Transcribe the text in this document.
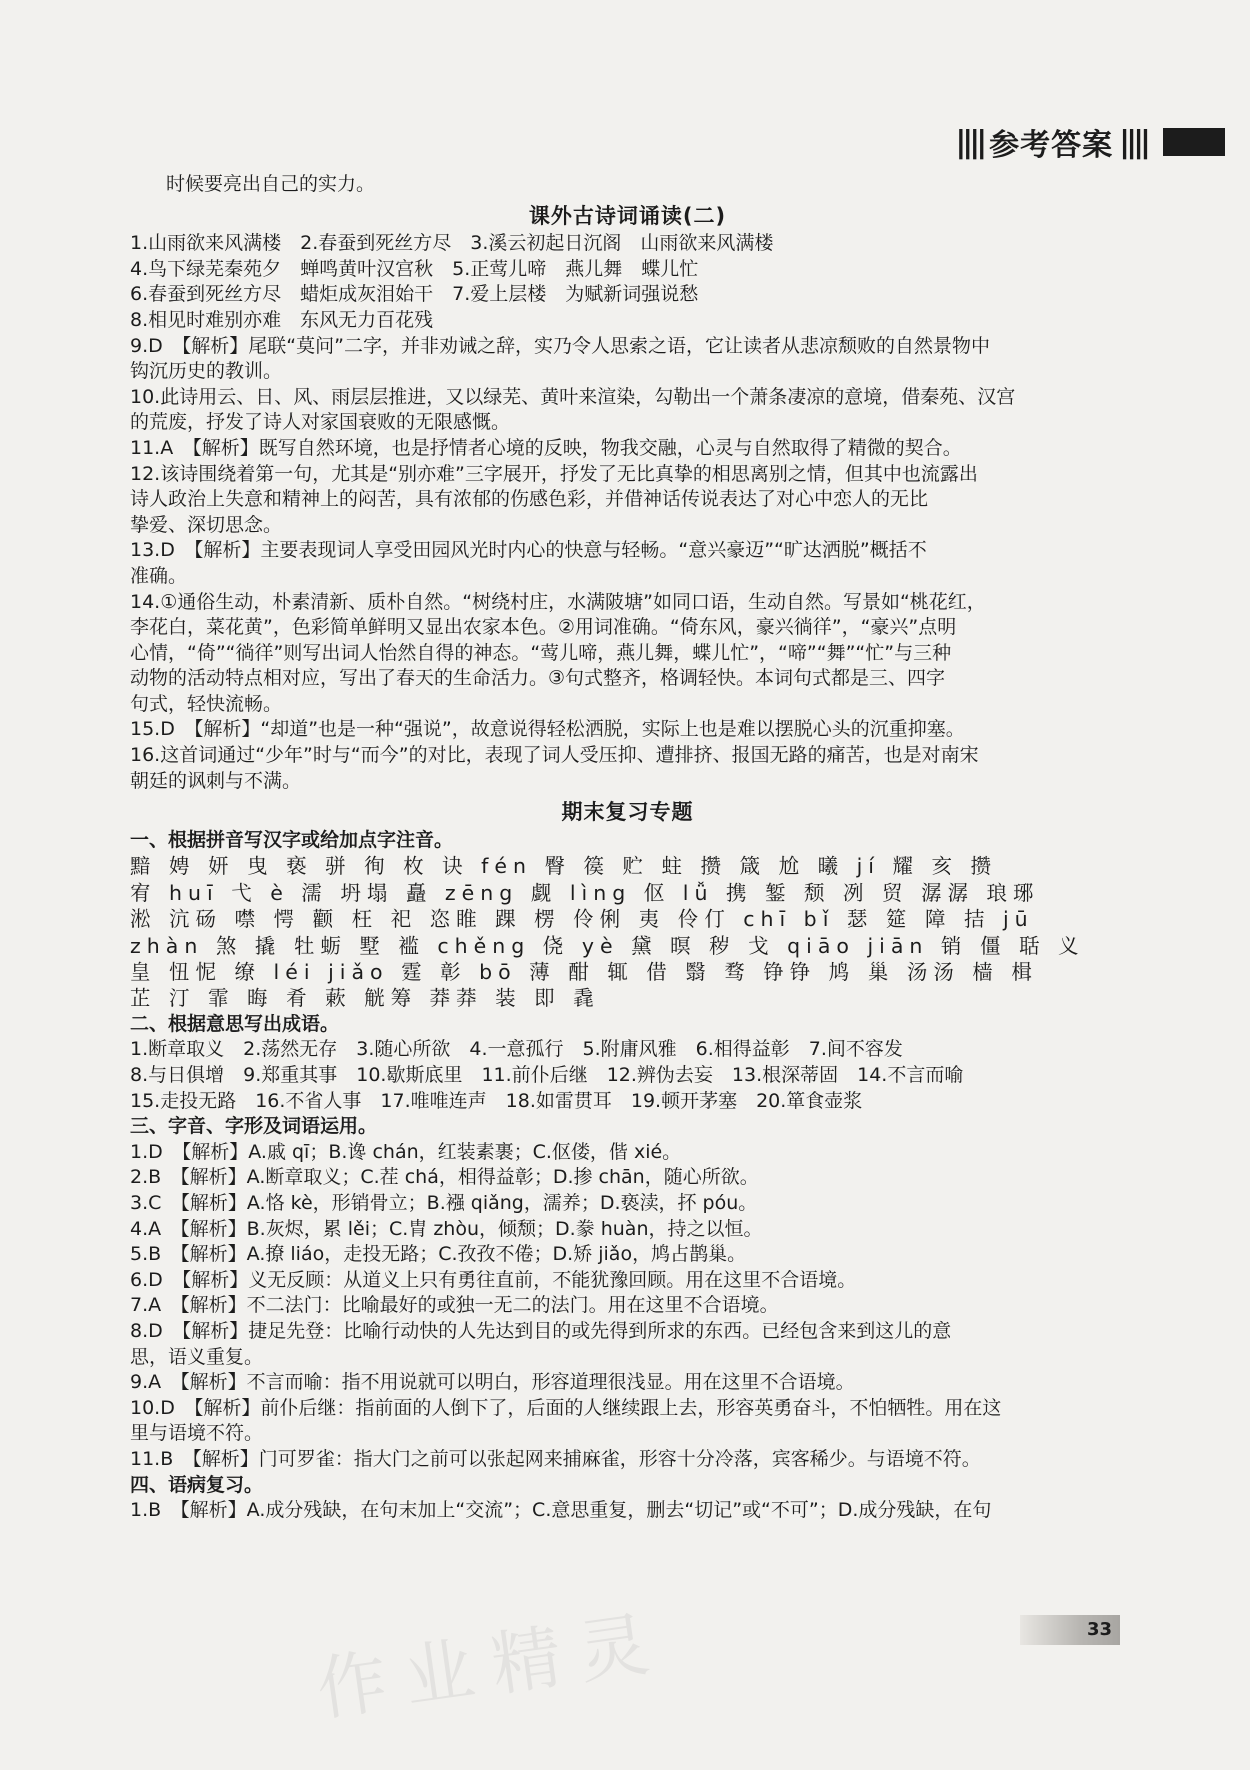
|||| 参考答案 ||||

时候要亮出自己的实力。

课外古诗词诵读(二)

1.山雨欲来风满楼　2.春蚕到死丝方尽　3.溪云初起日沉阁　山雨欲来风满楼

4.鸟下绿芜秦苑夕　蝉鸣黄叶汉宫秋　5.正莺儿啼　燕儿舞　蝶儿忙

6.春蚕到死丝方尽　蜡炬成灰泪始干　7.爱上层楼　为赋新词强说愁

8.相见时难别亦难　东风无力百花残

9.D　【解析】尾联“莫问”二字，并非劝诫之辞，实乃令人思索之语，它让读者从悲凉颓败的自然景物中

钩沉历史的教训。

10.此诗用云、日、风、雨层层推进，又以绿芜、黄叶来渲染，勾勒出一个萧条凄凉的意境，借秦苑、汉宫

的荒废，抒发了诗人对家国衰败的无限感慨。

11.A　【解析】既写自然环境，也是抒情者心境的反映，物我交融，心灵与自然取得了精微的契合。

12.该诗围绕着第一句，尤其是“别亦难”三字展开，抒发了无比真挚的相思离别之情，但其中也流露出

诗人政治上失意和精神上的闷苦，具有浓郁的伤感色彩，并借神话传说表达了对心中恋人的无比

挚爱、深切思念。

13.D　【解析】主要表现词人享受田园风光时内心的快意与轻畅。“意兴豪迈”“旷达洒脱”概括不

准确。

14.①通俗生动，朴素清新、质朴自然。“树绕村庄，水满陂塘”如同口语，生动自然。写景如“桃花红，

李花白，菜花黄”，色彩简单鲜明又显出农家本色。②用词准确。“倚东风，豪兴徜徉”，“豪兴”点明

心情，“倚”“徜徉”则写出词人怡然自得的神态。“莺儿啼，燕儿舞，蝶儿忙”，“啼”“舞”“忙”与三种

动物的活动特点相对应，写出了春天的生命活力。③句式整齐，格调轻快。本词句式都是三、四字

句式，轻快流畅。

15.D　【解析】“却道”也是一种“强说”，故意说得轻松洒脱，实际上也是难以摆脱心头的沉重抑塞。

16.这首词通过“少年”时与“而今”的对比，表现了词人受压抑、遭排挤、报国无路的痛苦，也是对南宋

朝廷的讽刺与不满。

期末复习专题

一、根据拼音写汉字或给加点字注音。

黯 娉 妍 曳 亵 骈 徇 枚 诀 fén 臀 篌 贮 蛀 攒 箴 尬 曦 jí 耀 亥 攒

宥 huī 弋 è 濡 坍塌 矗 zēng 觑 lìng 伛 lǚ 携 錾 颓 冽 贸 潺潺 琅琊

淞 沆砀 噤 愕 颧 枉 祀 恣睢 踝 楞 伶俐 夷 伶仃 chī bǐ 瑟 筵 障 拮 jū

zhàn 煞 撬 牡蛎 墅 褴 chěng 侥 yè 黛 暝 秽 戈 qiāo jiān 销 僵 聒 义

皇 忸怩 缭 léi jiǎo 霆 彰 bō 薄 酣 辄 借 翳 骛 铮铮 鸠 巢 汤汤 樯 楫

芷 汀 霏 晦 肴 蔌 觥筹 莽莽 装 即 毳

二、根据意思写出成语。

1.断章取义　2.荡然无存　3.随心所欲　4.一意孤行　5.附庸风雅　6.相得益彰　7.间不容发

8.与日俱增　9.郑重其事　10.歇斯底里　11.前仆后继　12.辨伪去妄　13.根深蒂固　14.不言而喻

15.走投无路　16.不省人事　17.唯唯连声　18.如雷贯耳　19.顿开茅塞　20.箪食壶浆

三、字音、字形及词语运用。

1.D　【解析】A.戚 qī；B.谗 chán，红装素裹；C.伛偻，偕 xié。

2.B　【解析】A.断章取义；C.茬 chá，相得益彰；D.掺 chān，随心所欲。

3.C　【解析】A.恪 kè，形销骨立；B.襁 qiǎng，濡养；D.亵渎，抔 póu。

4.A　【解析】B.灰烬，累 lěi；C.胄 zhòu，倾颓；D.豢 huàn，持之以恒。

5.B　【解析】A.撩 liáo，走投无路；C.孜孜不倦；D.矫 jiǎo，鸠占鹊巢。

6.D　【解析】义无反顾：从道义上只有勇往直前，不能犹豫回顾。用在这里不合语境。

7.A　【解析】不二法门：比喻最好的或独一无二的法门。用在这里不合语境。

8.D　【解析】捷足先登：比喻行动快的人先达到目的或先得到所求的东西。已经包含来到这儿的意

思，语义重复。

9.A　【解析】不言而喻：指不用说就可以明白，形容道理很浅显。用在这里不合语境。

10.D　【解析】前仆后继：指前面的人倒下了，后面的人继续跟上去，形容英勇奋斗，不怕牺牲。用在这

里与语境不符。

11.B　【解析】门可罗雀：指大门之前可以张起网来捕麻雀，形容十分冷落，宾客稀少。与语境不符。

四、语病复习。

1.B　【解析】A.成分残缺，在句末加上“交流”；C.意思重复，删去“切记”或“不可”；D.成分残缺，在句

作业精灵	33
